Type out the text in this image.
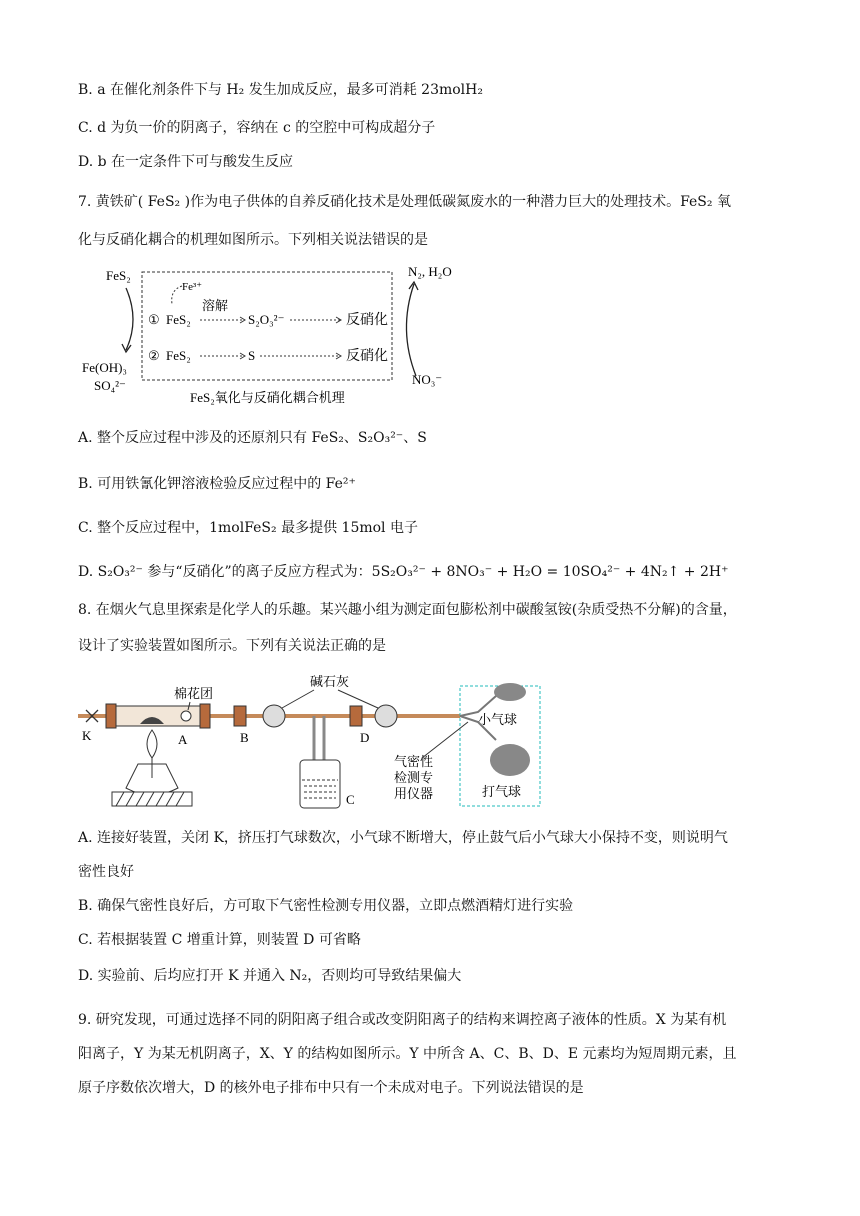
B. a 在催化剂条件下与 H₂ 发生加成反应，最多可消耗 23molH₂
C. d 为负一价的阴离子，容纳在 c 的空腔中可构成超分子
D. b 在一定条件下可与酸发生反应
7. 黄铁矿( FeS₂ )作为电子供体的自养反硝化技术是处理低碳氮废水的一种潜力巨大的处理技术。FeS₂ 氧
化与反硝化耦合的机理如图所示。下列相关说法错误的是
FeS₂
Fe(OH)₃
SO₄²⁻
Fe³⁺
溶解
① FeS₂	S₂O₃²⁻	反硝化
② FeS₂	S	反硝化
N₂, H₂O
NO₃⁻
FeS₂氧化与反硝化耦合机理
A. 整个反应过程中涉及的还原剂只有 FeS₂、S₂O₃²⁻、S
B. 可用铁氰化钾溶液检验反应过程中的 Fe²⁺
C. 整个反应过程中，1molFeS₂ 最多提供 15mol 电子
D. S₂O₃²⁻ 参与“反硝化”的离子反应方程式为：5S₂O₃²⁻ + 8NO₃⁻ + H₂O = 10SO₄²⁻ + 4N₂↑ + 2H⁺
8. 在烟火气息里探索是化学人的乐趣。某兴趣小组为测定面包膨松剂中碳酸氢铵(杂质受热不分解)的含量，
设计了实验装置如图所示。下列有关说法正确的是
K
棉花团
A	B
碱石灰
C
D
小气球
打气球
气密性
检测专
用仪器
A. 连接好装置，关闭 K，挤压打气球数次，小气球不断增大，停止鼓气后小气球大小保持不变，则说明气
密性良好
B. 确保气密性良好后，方可取下气密性检测专用仪器，立即点燃酒精灯进行实验
C. 若根据装置 C 增重计算，则装置 D 可省略
D. 实验前、后均应打开 K 并通入 N₂，否则均可导致结果偏大
9. 研究发现，可通过选择不同的阴阳离子组合或改变阴阳离子的结构来调控离子液体的性质。X 为某有机
阳离子，Y 为某无机阴离子，X、Y 的结构如图所示。Y 中所含 A、C、B、D、E 元素均为短周期元素，且
原子序数依次增大，D 的核外电子排布中只有一个未成对电子。下列说法错误的是
